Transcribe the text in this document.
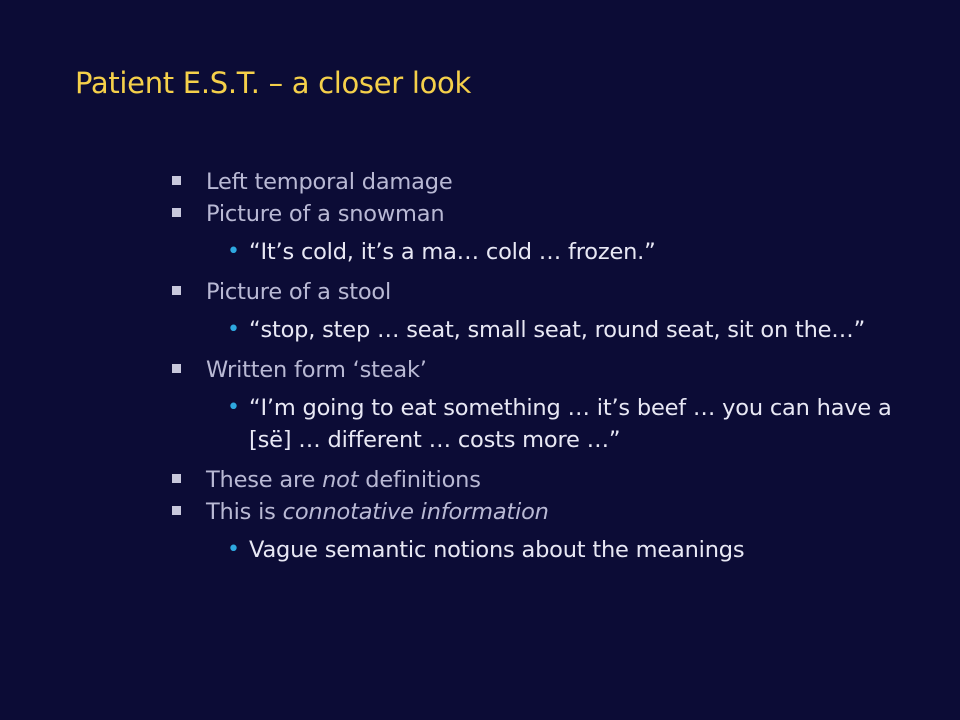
Patient E.S.T. – a closer look
Left temporal damage
Picture of a snowman
• “It’s cold, it’s a ma… cold … frozen.”
Picture of a stool
• “stop, step … seat, small seat, round seat, sit on the…”
Written form ‘steak’
• “I’m going to eat something … it’s beef … you can have a [së] … different … costs more …”
These are not definitions
This is connotative information
• Vague semantic notions about the meanings
